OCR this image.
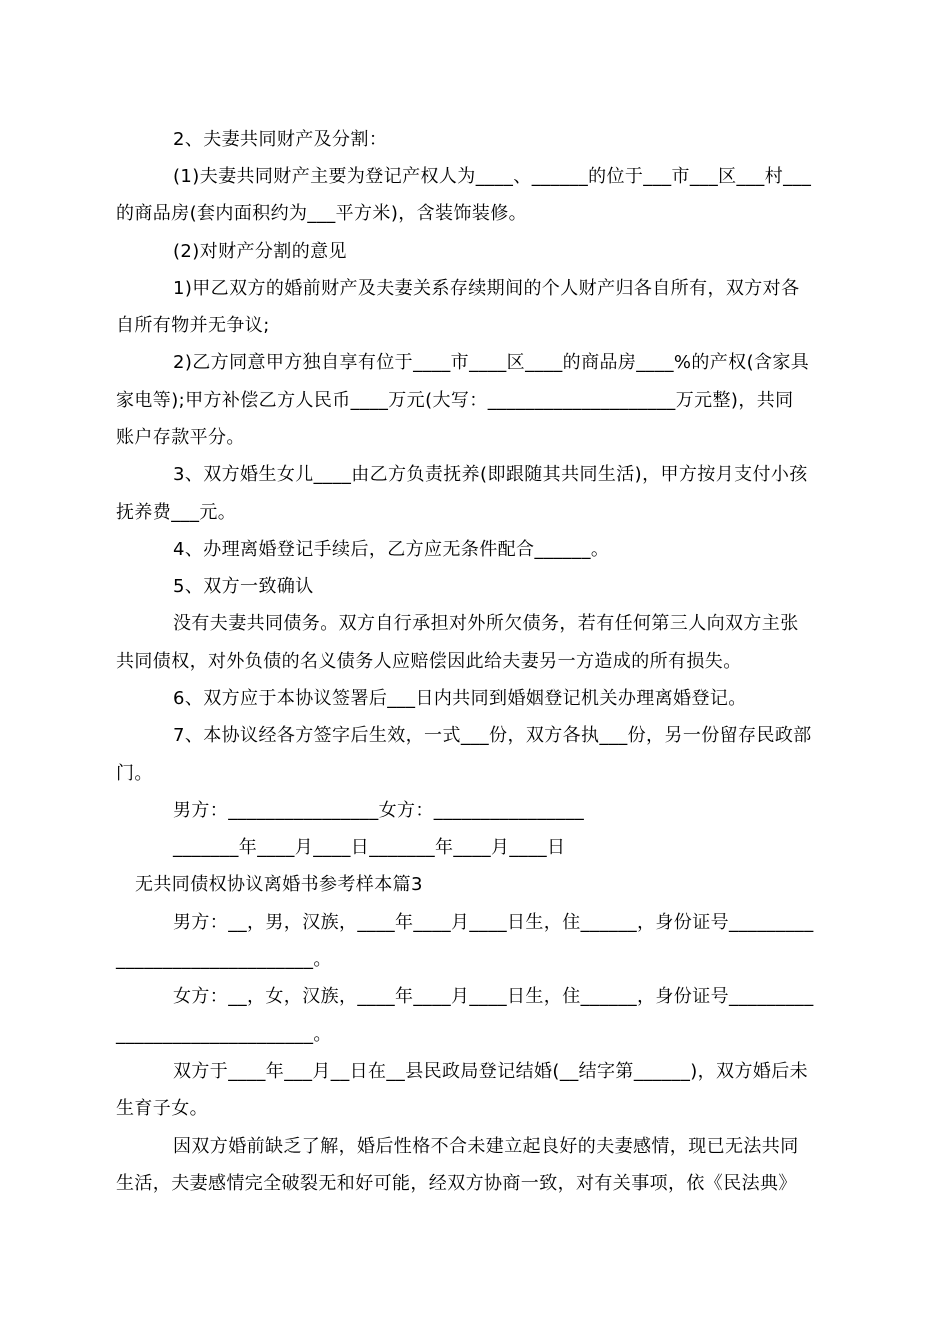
2、夫妻共同财产及分割：
(1)夫妻共同财产主要为登记产权人为____、______的位于___市___区___村___
的商品房(套内面积约为___平方米)，含装饰装修。
(2)对财产分割的意见
1)甲乙双方的婚前财产及夫妻关系存续期间的个人财产归各自所有，双方对各
自所有物并无争议;
2)乙方同意甲方独自享有位于____市____区____的商品房____%的产权(含家具
家电等);甲方补偿乙方人民币____万元(大写：____________________万元整)，共同
账户存款平分。
3、双方婚生女儿____由乙方负责抚养(即跟随其共同生活)，甲方按月支付小孩
抚养费___元。
4、办理离婚登记手续后，乙方应无条件配合______。
5、双方一致确认
没有夫妻共同债务。双方自行承担对外所欠债务，若有任何第三人向双方主张
共同债权，对外负债的名义债务人应赔偿因此给夫妻另一方造成的所有损失。
6、双方应于本协议签署后___日内共同到婚姻登记机关办理离婚登记。
7、本协议经各方签字后生效，一式___份，双方各执___份，另一份留存民政部
门。
男方：________________女方：________________
_______年____月____日_______年____月____日
无共同债权协议离婚书参考样本篇3
男方：__，男，汉族，____年____月____日生，住______，身份证号_________
_____________________。
女方：__，女，汉族，____年____月____日生，住______，身份证号_________
_____________________。
双方于____年___月__日在__县民政局登记结婚(__结字第______)，双方婚后未
生育子女。
因双方婚前缺乏了解，婚后性格不合未建立起良好的夫妻感情，现已无法共同
生活，夫妻感情完全破裂无和好可能，经双方协商一致，对有关事项，依《民法典》
